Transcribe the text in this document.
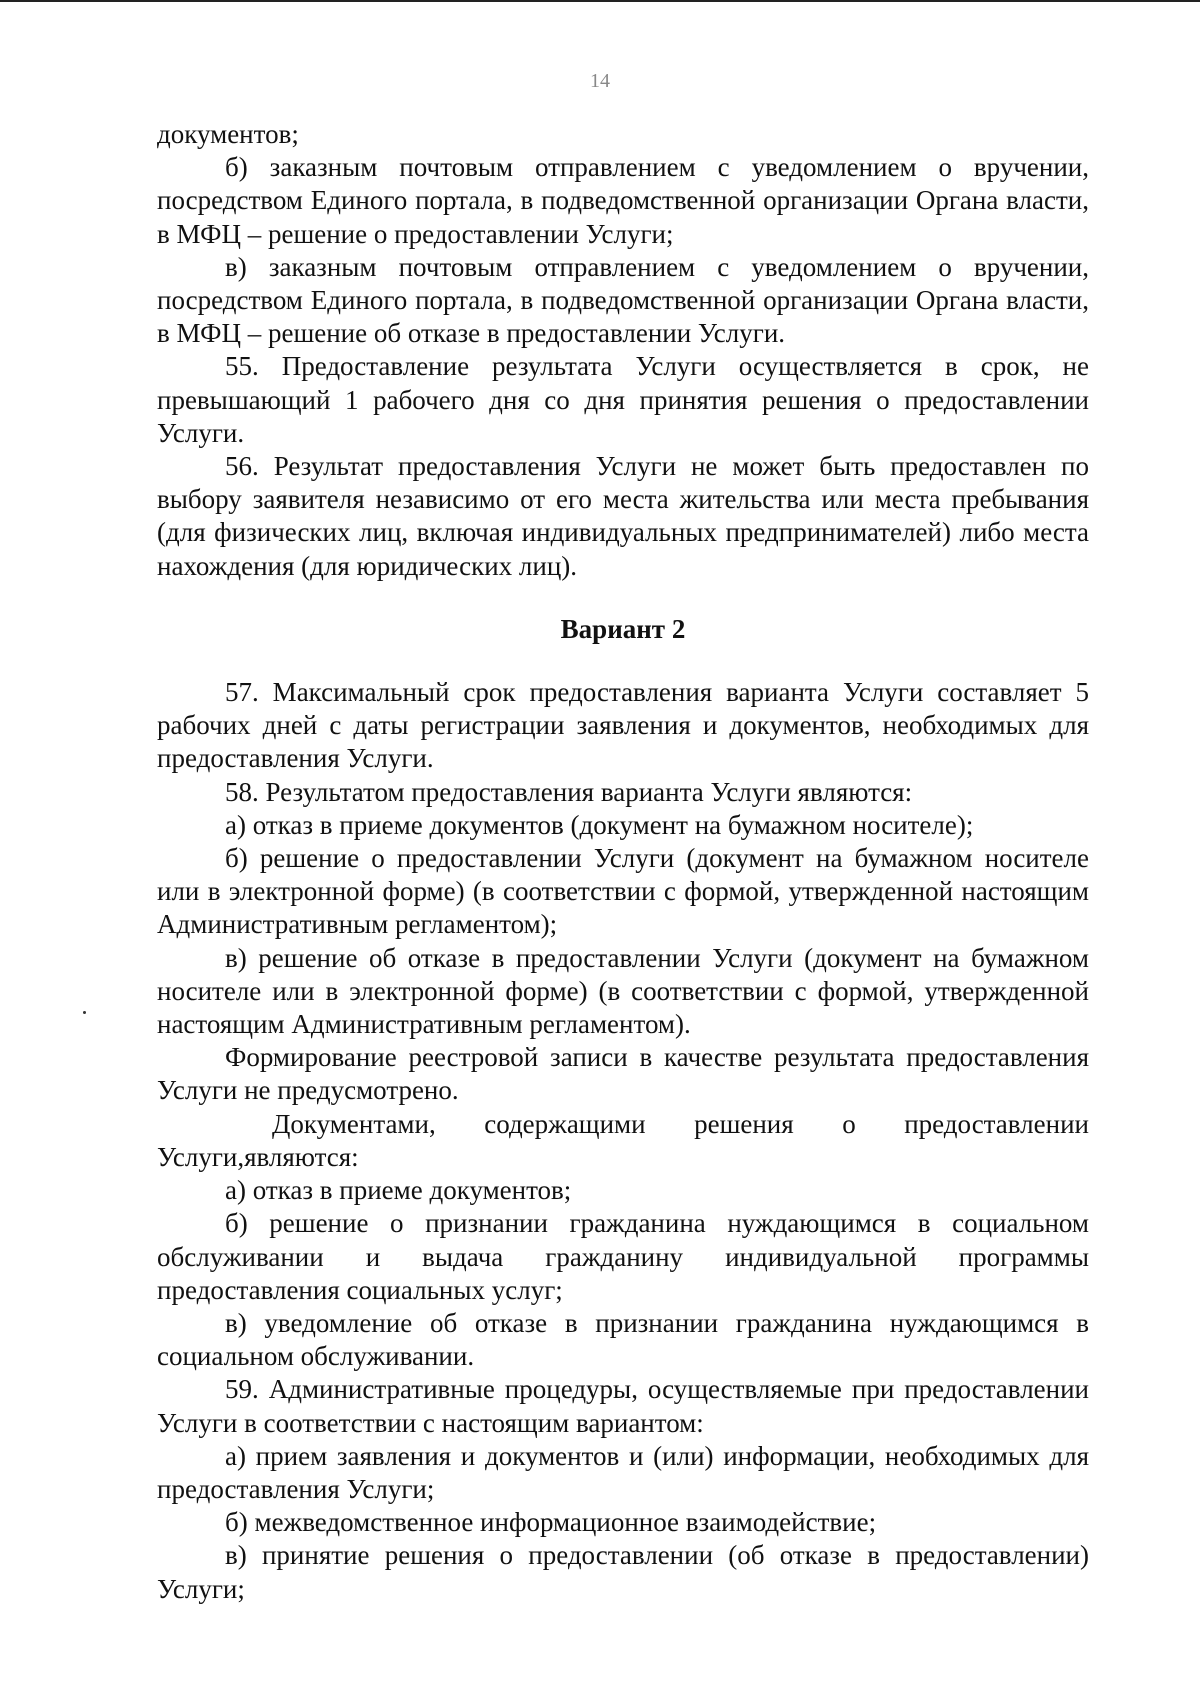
14

документов;

б) заказным почтовым отправлением с уведомлением о вручении, посредством Единого портала, в подведомственной организации Органа власти, в МФЦ – решение о предоставлении Услуги;

в) заказным почтовым отправлением с уведомлением о вручении, посредством Единого портала, в подведомственной организации Органа власти, в МФЦ – решение об отказе в предоставлении Услуги.

55. Предоставление результата Услуги осуществляется в срок, не превышающий 1 рабочего дня со дня принятия решения о предоставлении Услуги.

56. Результат предоставления Услуги не может быть предоставлен по выбору заявителя независимо от его места жительства или места пребывания (для физических лиц, включая индивидуальных предпринимателей) либо места нахождения (для юридических лиц).

Вариант 2

57. Максимальный срок предоставления варианта Услуги составляет 5 рабочих дней с даты регистрации заявления и документов, необходимых для предоставления Услуги.

58. Результатом предоставления варианта Услуги являются:

а) отказ в приеме документов (документ на бумажном носителе);

б) решение о предоставлении Услуги (документ на бумажном носителе или в электронной форме) (в соответствии с формой, утвержденной настоящим Административным регламентом);

в) решение об отказе в предоставлении Услуги (документ на бумажном носителе или в электронной форме) (в соответствии с формой, утвержденной настоящим Административным регламентом).

Формирование реестровой записи в качестве результата предоставления Услуги не предусмотрено.

Документами, содержащими решения о предоставлении Услуги,являются:

а) отказ в приеме документов;

б) решение о признании гражданина нуждающимся в социальном обслуживании и выдача гражданину индивидуальной программы предоставления социальных услуг;

в) уведомление об отказе в признании гражданина нуждающимся в социальном обслуживании.

59. Административные процедуры, осуществляемые при предоставлении Услуги в соответствии с настоящим вариантом:

а) прием заявления и документов и (или) информации, необходимых для предоставления Услуги;

б) межведомственное информационное взаимодействие;

в) принятие решения о предоставлении (об отказе в предоставлении) Услуги;
